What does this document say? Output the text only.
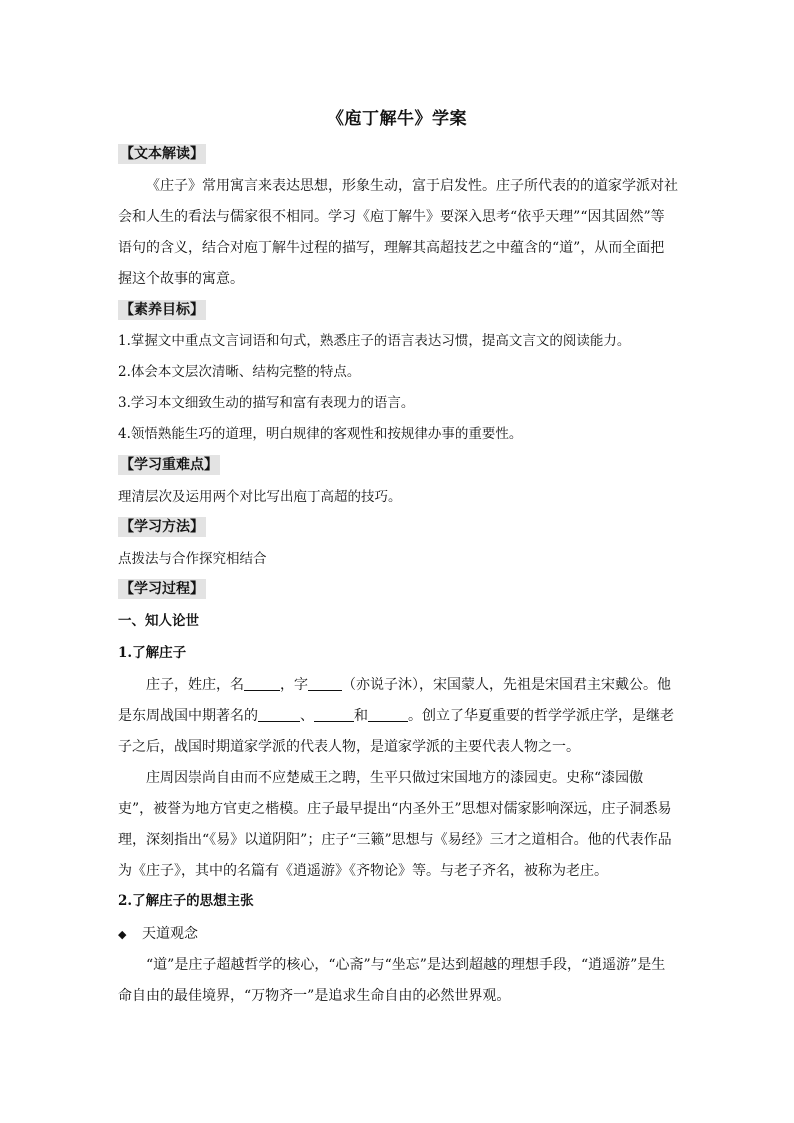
《庖丁解牛》学案
【文本解读】
《庄子》常用寓言来表达思想，形象生动，富于启发性。庄子所代表的的道家学派对社会和人生的看法与儒家很不相同。学习《庖丁解牛》要深入思考“依乎天理”“因其固然”等语句的含义，结合对庖丁解牛过程的描写，理解其高超技艺之中蕴含的“道”，从而全面把握这个故事的寓意。
【素养目标】
1.掌握文中重点文言词语和句式，熟悉庄子的语言表达习惯，提高文言文的阅读能力。
2.体会本文层次清晰、结构完整的特点。
3.学习本文细致生动的描写和富有表现力的语言。
4.领悟熟能生巧的道理，明白规律的客观性和按规律办事的重要性。
【学习重难点】
理清层次及运用两个对比写出庖丁高超的技巧。
【学习方法】
点拨法与合作探究相结合
【学习过程】
一、知人论世
1.了解庄子
庄子，姓庄，名	，字 （亦说子沐），宋国蒙人，先祖是宋国君主宋戴公。他是东周战国中期著名的	、	和	。创立了华夏重要的哲学学派庄学，是继老子之后，战国时期道家学派的代表人物，是道家学派的主要代表人物之一。
庄周因崇尚自由而不应楚威王之聘，生平只做过宋国地方的漆园吏。史称“漆园傲吏”，被誉为地方官吏之楷模。庄子最早提出“内圣外王”思想对儒家影响深远，庄子洞悉易理，深刻指出“《易》以道阴阳”；庄子“三籁”思想与《易经》三才之道相合。他的代表作品为《庄子》，其中的名篇有《逍遥游》《齐物论》等。与老子齐名，被称为老庄。
2.了解庄子的思想主张
◆ 天道观念
“道”是庄子超越哲学的核心，“心斋”与“坐忘”是达到超越的理想手段，“逍遥游”是生命自由的最佳境界，“万物齐一”是追求生命自由的必然世界观。
